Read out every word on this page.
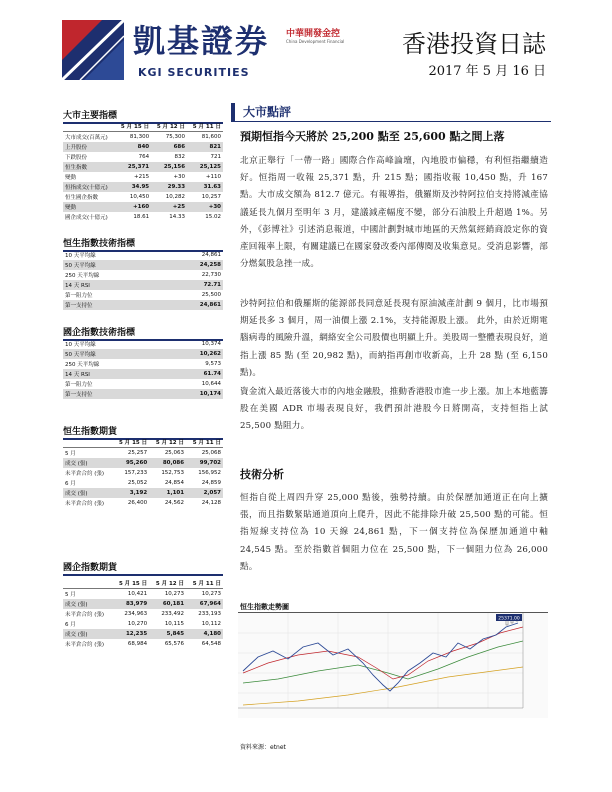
凱基證券
KGI SECURITIES
中華開發金控
China Development Financial 香港投資日誌
2017 年 5 月 16 日
大市主要指標
	5 月 15 日	5 月 12 日	5 月 11 日
大市成交(百萬元)	81,300	75,300	81,600
上升股份	840	686	821
下跌股份	764	832	721
恒生指數	25,371	25,156	25,125
變動	+215	+30	+110
恒指成交(十億元)	34.95	29.33	31.63
恒生國企指數	10,450	10,282	10,257
變動	+160	+25	+30
國企成交(十億元)	18.61	14.33	15.02
恒生指數技術指標
10 天平均線	24,861
50 天平均線	24,258
250 天平均線	22,730
14 天 RSI	72.71
第一阻力位	25,500
第一支持位	24,861
國企指數技術指標
10 天平均線	10,374
50 天平均線	10,262
250 天平均線	9,573
14 天 RSI	61.74
第一阻力位	10,644
第一支持位	10,174
恒生指數期貨
	5 月 15 日	5 月 12 日	5 月 11 日
5 月	25,257	25,063	25,068
成交 (張)	95,260	80,086	99,702
未平倉合約 (張)	157,233	152,753	156,952
6 月	25,052	24,854	24,859
成交 (張)	3,192	1,101	2,057
未平倉合約 (張)	26,400	24,562	24,128
國企指數期貨
	5 月 15 日	5 月 12 日	5 月 11 日
5 月	10,421	10,273	10,273
成交 (張)	83,979	60,181	67,964
未平倉合約 (張)	234,963	233,492	233,193
6 月	10,270	10,115	10,112
成交 (張)	12,235	5,845	4,180
未平倉合約 (張)	68,984	65,576	64,548
大市點評
預期恒指今天將於 25,200 點至 25,600 點之間上落
北京正舉行「一帶一路」國際合作高峰論壇，內地股市偏穩，有利恒指繼續造好。恒指周一收報 25,371 點，升 215 點；國指收報 10,450 點，升 167 點。大市成交額為 812.7 億元。有報導指，俄羅斯及沙特阿拉伯支持將減產協議延長九個月至明年 3 月，建議減產幅度不變，部分石油股上升超過 1%。另外，《彭博社》引述消息報道，中國計劃對城市地區的天然氣經銷商設定你的資產回報率上限，有關建議已在國家發改委內部傳閱及收集意見。受消息影響，部分燃氣股急挫一成。
沙特阿拉伯和俄羅斯的能源部長同意延長現有原油減產計劃 9 個月，比市場預期延長多 3 個月，周一油價上漲 2.1%，支持能源股上漲。 此外，由於近期電腦病毒的風險升溫，網絡安全公司股價也明顯上升。美股周一整體表現良好，道指上漲 85 點 (至 20,982 點)，而納指再創市收新高，上升 28 點 (至 6,150 點)。
資金流入最近落後大市的內地金融股，推動香港股市進一步上漲。加上本地藍籌股在美國 ADR 市場表現良好，我們預計港股今日將開高，支持恒指上試 25,500 點阻力。
技術分析
恒指自從上周四升穿 25,000 點後，強勢持續。由於保歷加通道正在向上擴張，而且指數緊貼通道頂向上爬升，因此不能排除升破 25,500 點的可能。恒指短線支持位為 10 天線 24,861 點，下一個支持位為保歷加通道中軸 24,545 點。至於指數首個阻力位在 25,500 點，下一個阻力位為 26,000 點。
恒生指數走勢圖
25371.00
資料來源：etnet
